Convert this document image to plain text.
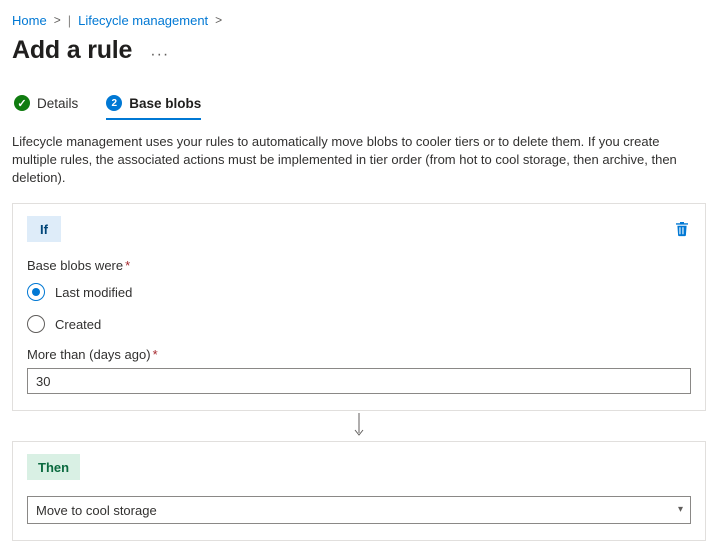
Home > | Lifecycle management >
Add a rule ···
✓ Details	2 Base blobs
Lifecycle management uses your rules to automatically move blobs to cooler tiers or to delete them. If you create multiple rules, the associated actions must be implemented in tier order (from hot to cool storage, then archive, then deletion).
If
Base blobs were *
Last modified
Created
More than (days ago) *
30
Then
Move to cool storage	▾
